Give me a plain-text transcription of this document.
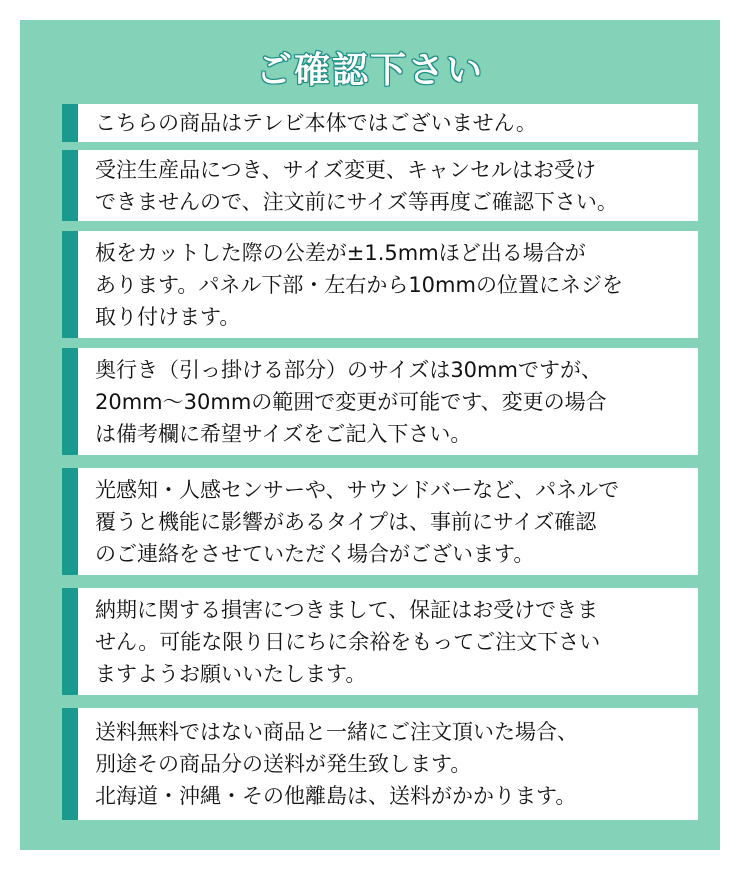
ご確認下さい
こちらの商品はテレビ本体ではございません。
受注生産品につき、サイズ変更、キャンセルはお受け
できませんので、注文前にサイズ等再度ご確認下さい。
板をカットした際の公差が±1.5mmほど出る場合が
あります。パネル下部・左右から10mmの位置にネジを
取り付けます。
奥行き（引っ掛ける部分）のサイズは30mmですが、
20mm～30mmの範囲で変更が可能です、変更の場合
は備考欄に希望サイズをご記入下さい。
光感知・人感センサーや、サウンドバーなど、パネルで
覆うと機能に影響があるタイプは、事前にサイズ確認
のご連絡をさせていただく場合がございます。
納期に関する損害につきまして、保証はお受けできま
せん。可能な限り日にちに余裕をもってご注文下さい
ますようお願いいたします。
送料無料ではない商品と一緒にご注文頂いた場合、
別途その商品分の送料が発生致します。
北海道・沖縄・その他離島は、送料がかかります。
